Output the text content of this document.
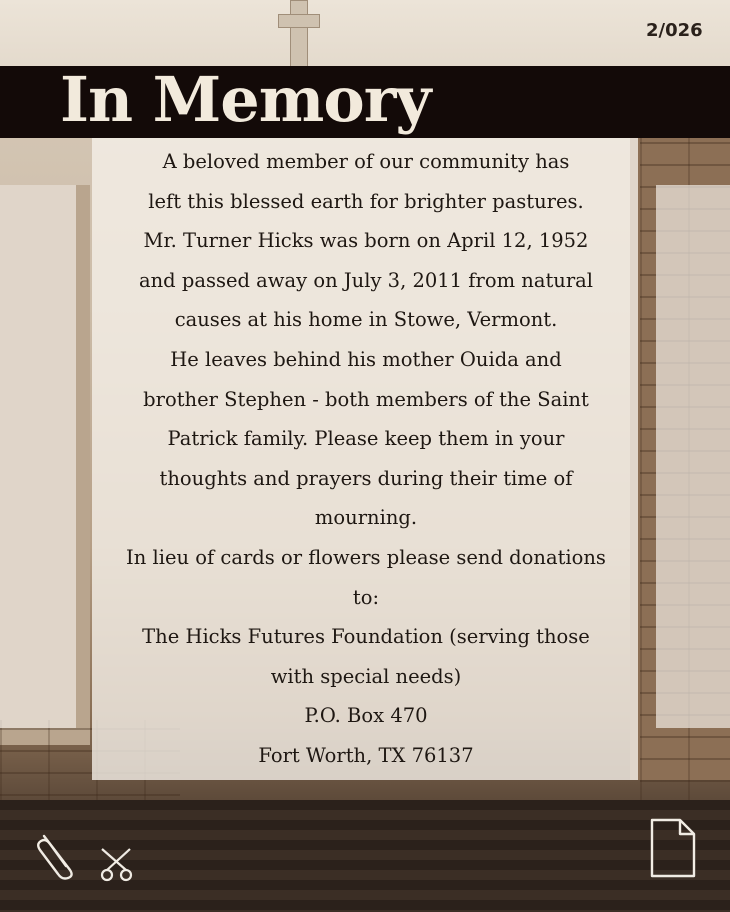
In Memory
2/026
A beloved member of our community has
left this blessed earth for brighter pastures.
Mr. Turner Hicks was born on April 12, 1952
and passed away on July 3, 2011 from natural
causes at his home in Stowe, Vermont.
He leaves behind his mother Ouida and
brother Stephen - both members of the Saint
Patrick family. Please keep them in your
thoughts and prayers during their time of
mourning.
In lieu of cards or flowers please send donations
to:
The Hicks Futures Foundation (serving those
with special needs)
P.O. Box 470
Fort Worth, TX 76137
